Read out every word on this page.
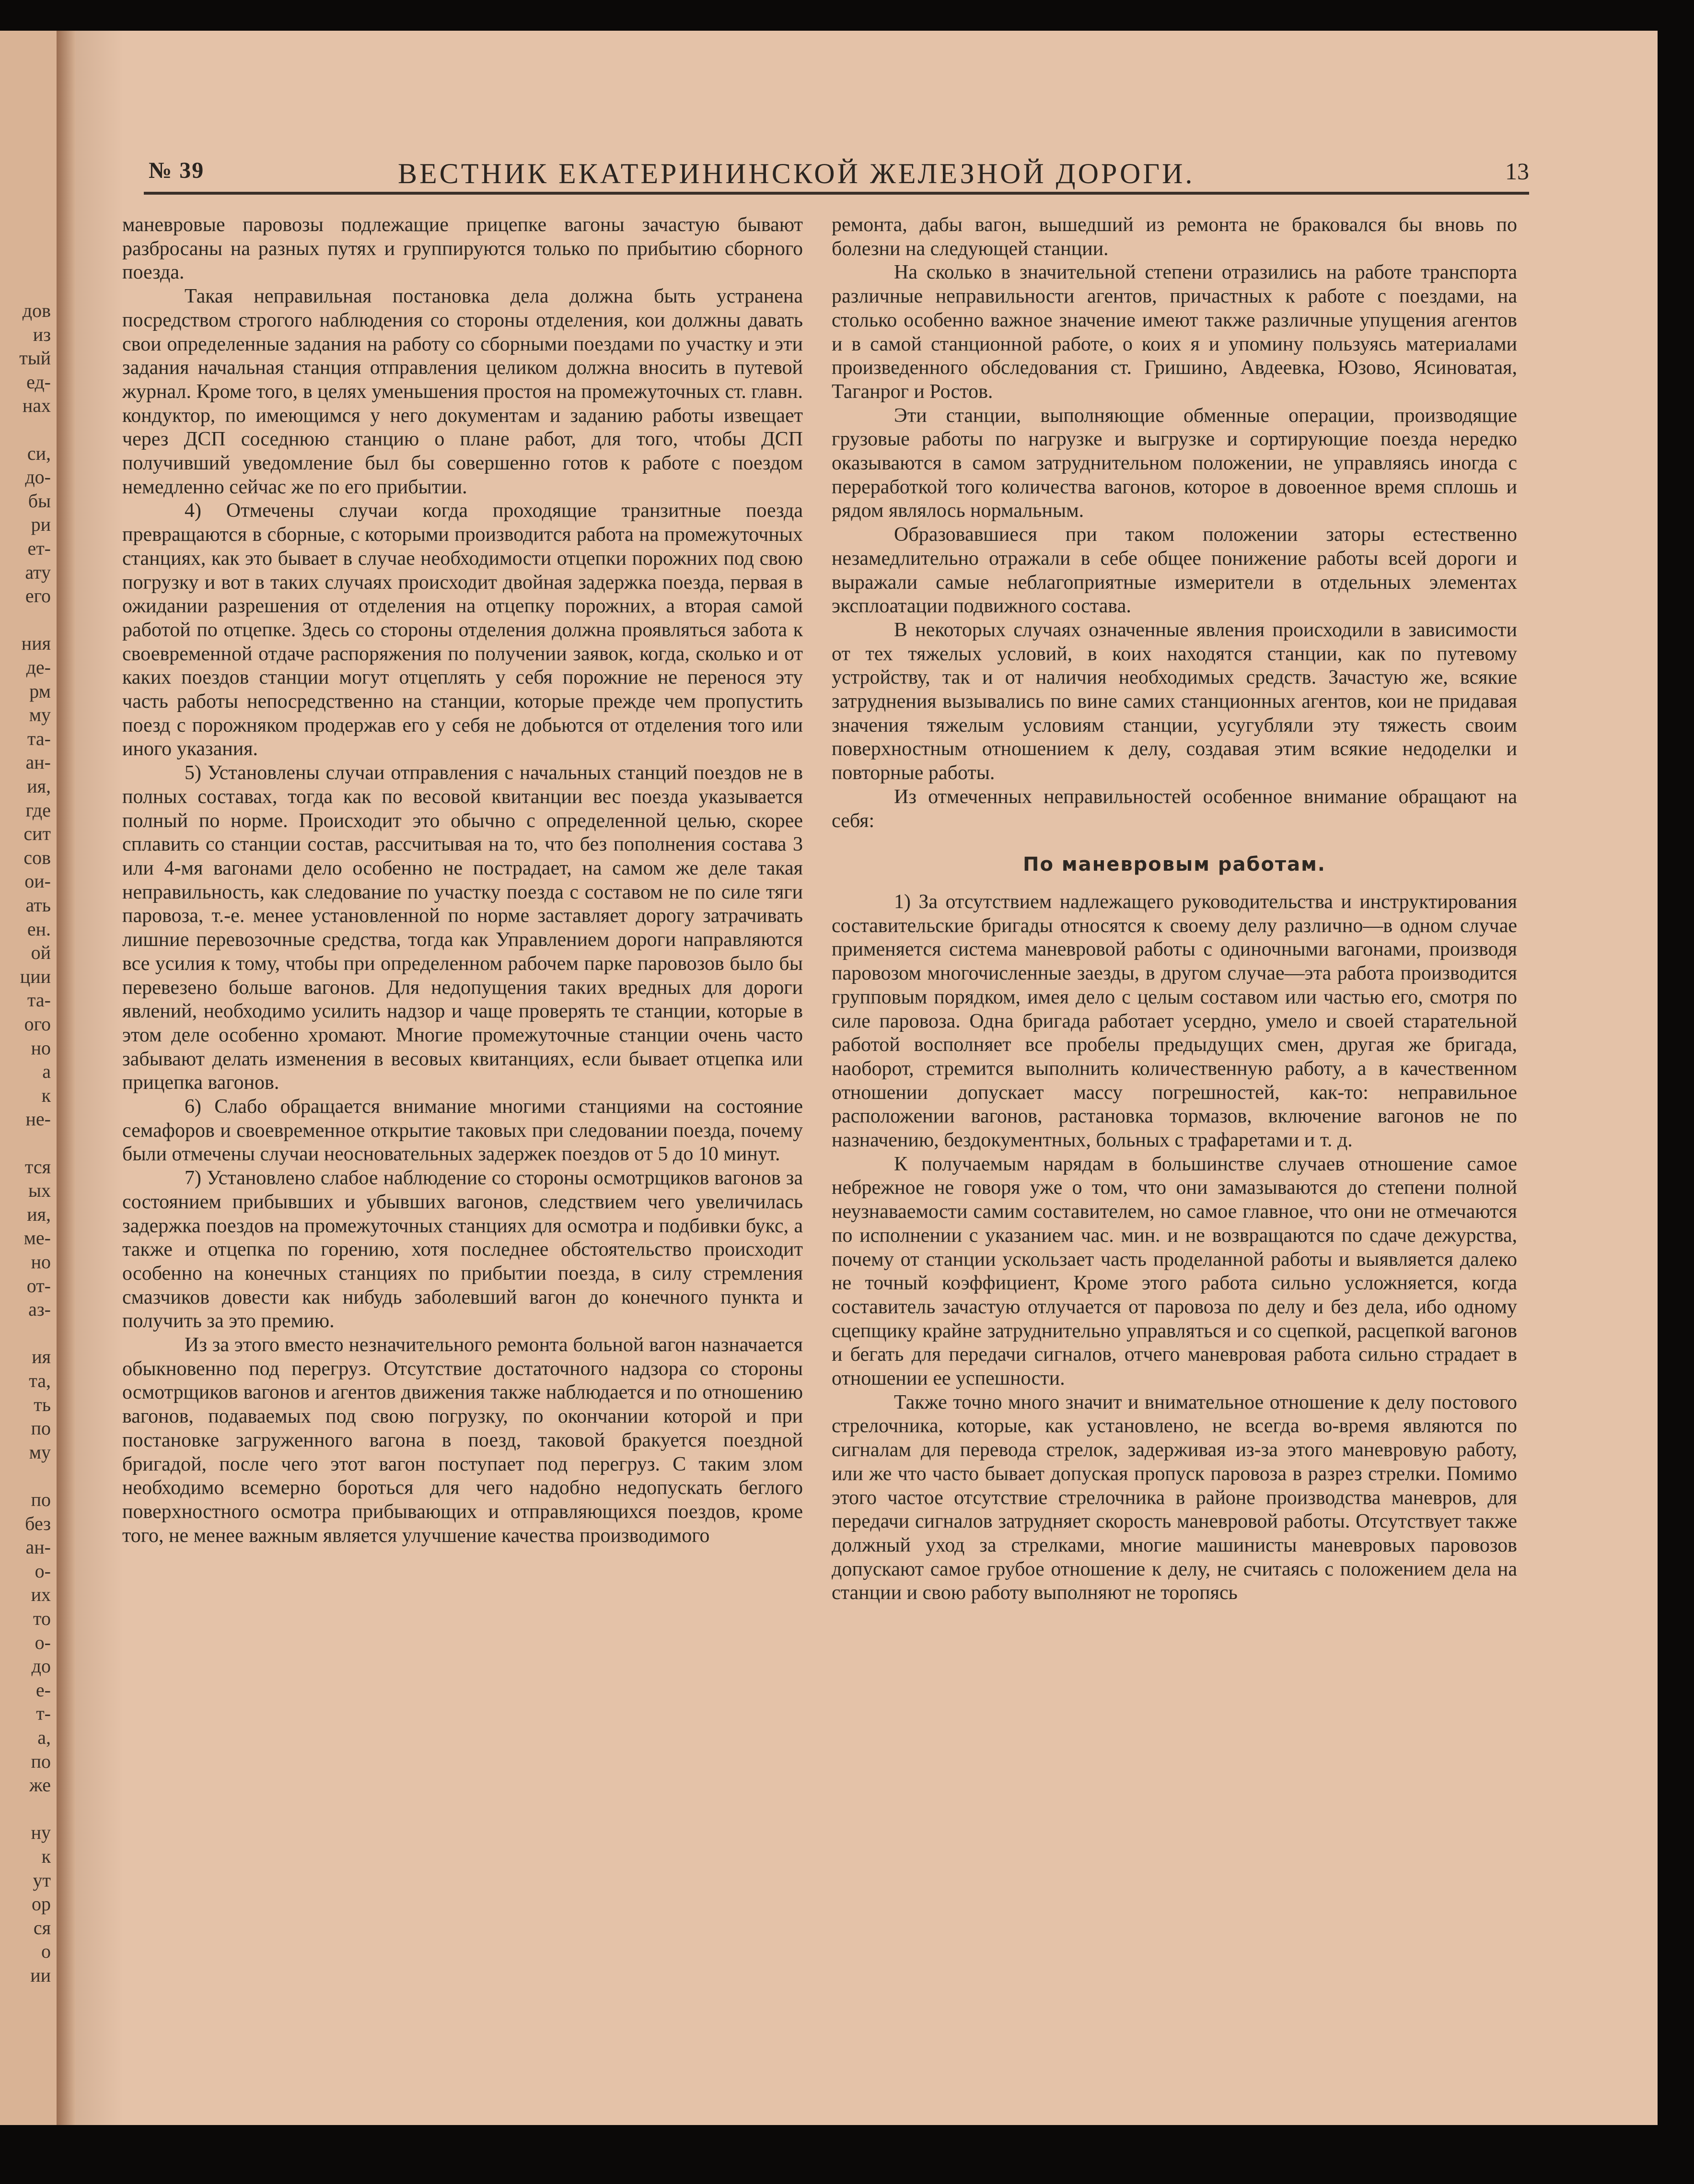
дов
из
тый
ед-
нах
си,
до-
бы
ри
ет-
ату
его
ния
де-
рм
му
та-
ан-
ия,
где
сит
сов
ои-
ать
ен.
ой
ции
та-
ого
но
а
к
не-
тся
ых
ия,
ме-
но
от-
аз-
ия
та,
ть
по
му
по
без
ан-
о-
их
то
о-
до
е-
т-
а,
по
же
ну
к
ут
ор
ся
о
ии
№ 39	ВЕСТНИК ЕКАТЕРИНИНСКОЙ ЖЕЛЕЗНОЙ ДОРОГИ.	13

маневровые паровозы подлежащие прицепке вагоны зачастую бывают разбросаны на разных путях и группируются только по прибытию сборного поезда.

Такая неправильная постановка дела должна быть устранена посредством строгого наблюдения со стороны отделения, кои должны давать свои определенные задания на работу со сборными поездами по участку и эти задания начальная станция отправления целиком должна вносить в путевой журнал. Кроме того, в целях уменьшения простоя на промежуточных ст. главн. кондуктор, по имеющимся у него документам и заданию работы извещает через ДСП соседнюю станцию о плане работ, для того, чтобы ДСП получивший уведомление был бы совершенно готов к работе с поездом немедленно сейчас же по его прибытии.

4) Отмечены случаи когда проходящие транзитные поезда превращаются в сборные, с которыми производится работа на промежуточных станциях, как это бывает в случае необходимости отцепки порожних под свою погрузку и вот в таких случаях происходит двойная задержка поезда, первая в ожидании разрешения от отделения на отцепку порожних, а вторая самой работой по отцепке. Здесь со стороны отделения должна проявляться забота к своевременной отдаче распоряжения по получении заявок, когда, сколько и от каких поездов станции могут отцеплять у себя порожние не перенося эту часть работы непосредственно на станции, которые прежде чем пропустить поезд с порожняком продержав его у себя не добьются от отделения того или иного указания.

5) Установлены случаи отправления с начальных станций поездов не в полных составах, тогда как по весовой квитанции вес поезда указывается полный по норме. Происходит это обычно с определенной целью, скорее сплавить со станции состав, рассчитывая на то, что без пополнения состава 3 или 4-мя вагонами дело особенно не пострадает, на самом же деле такая неправильность, как следование по участку поезда с составом не по силе тяги паровоза, т.-е. менее установленной по норме заставляет дорогу затрачивать лишние перевозочные средства, тогда как Управлением дороги направляются все усилия к тому, чтобы при определенном рабочем парке паровозов было бы перевезено больше вагонов. Для недопущения таких вредных для дороги явлений, необходимо усилить надзор и чаще проверять те станции, которые в этом деле особенно хромают. Многие промежуточные станции очень часто забывают делать изменения в весовых квитанциях, если бывает отцепка или прицепка вагонов.

6) Слабо обращается внимание многими станциями на состояние семафоров и своевременное открытие таковых при следовании поезда, почему были отмечены случаи неосновательных задержек поездов от 5 до 10 минут.

7) Установлено слабое наблюдение со стороны осмотрщиков вагонов за состоянием прибывших и убывших вагонов, следствием чего увеличилась задержка поездов на промежуточных станциях для осмотра и подбивки букс, а также и отцепка по горению, хотя последнее обстоятельство происходит особенно на конечных станциях по прибытии поезда, в силу стремления смазчиков довести как нибудь заболевший вагон до конечного пункта и получить за это премию.

Из за этого вместо незначительного ремонта больной вагон назначается обыкновенно под перегруз. Отсутствие достаточного надзора со стороны осмотрщиков вагонов и агентов движения также наблюдается и по отношению вагонов, подаваемых под свою погрузку, по окончании которой и при постановке загруженного вагона в поезд, таковой бракуется поездной бригадой, после чего этот вагон поступает под перегруз. С таким злом необходимо всемерно бороться для чего надобно недопускать беглого поверхностного осмотра прибывающих и отправляющихся поездов, кроме того, не менее важным является улучшение качества производимого

ремонта, дабы вагон, вышедший из ремонта не браковался бы вновь по болезни на следующей станции.

На сколько в значительной степени отразились на работе транспорта различные неправильности агентов, причастных к работе с поездами, на столько особенно важное значение имеют также различные упущения агентов и в самой станционной работе, о коих я и упомину пользуясь материалами произведенного обследования ст. Гришино, Авдеевка, Юзово, Ясиноватая, Таганрог и Ростов.

Эти станции, выполняющие обменные операции, производящие грузовые работы по нагрузке и выгрузке и сортирующие поезда нередко оказываются в самом затруднительном положении, не управляясь иногда с переработкой того количества вагонов, которое в довоенное время сплошь и рядом являлось нормальным.

Образовавшиеся при таком положении заторы естественно незамедлительно отражали в себе общее понижение работы всей дороги и выражали самые неблагоприятные измерители в отдельных элементах эксплоатации подвижного состава.

В некоторых случаях означенные явления происходили в зависимости от тех тяжелых условий, в коих находятся станции, как по путевому устройству, так и от наличия необходимых средств. Зачастую же, всякие затруднения вызывались по вине самих станционных агентов, кои не придавая значения тяжелым условиям станции, усугубляли эту тяжесть своим поверхностным отношением к делу, создавая этим всякие недоделки и повторные работы.

Из отмеченных неправильностей особенное внимание обращают на себя:

По маневровым работам.

1) За отсутствием надлежащего руководительства и инструктирования составительские бригады относятся к своему делу различно—в одном случае применяется система маневровой работы с одиночными вагонами, производя паровозом многочисленные заезды, в другом случае—эта работа производится групповым порядком, имея дело с целым составом или частью его, смотря по силе паровоза. Одна бригада работает усердно, умело и своей старательной работой восполняет все пробелы предыдущих смен, другая же бригада, наоборот, стремится выполнить количественную работу, а в качественном отношении допускает массу погрешностей, как-то: неправильное расположении вагонов, растановка тормазов, включение вагонов не по назначению, бездокументных, больных с трафаретами и т. д.

К получаемым нарядам в большинстве случаев отношение самое небрежное не говоря уже о том, что они замазываются до степени полной неузнаваемости самим составителем, но самое главное, что они не отмечаются по исполнении с указанием час. мин. и не возвращаются по сдаче дежурства, почему от станции ускользает часть проделанной работы и выявляется далеко не точный коэффициент, Кроме этого работа сильно усложняется, когда составитель зачастую отлучается от паровоза по делу и без дела, ибо одному сцепщику крайне затруднительно управляться и со сцепкой, расцепкой вагонов и бегать для передачи сигналов, отчего маневровая работа сильно страдает в отношении ее успешности.

Также точно много значит и внимательное отношение к делу постового стрелочника, которые, как установлено, не всегда во-время являются по сигналам для перевода стрелок, задерживая из-за этого маневровую работу, или же что часто бывает допуская пропуск паровоза в разрез стрелки. Помимо этого частое отсутствие стрелочника в районе производства маневров, для передачи сигналов затрудняет скорость маневровой работы. Отсутствует также должный уход за стрелками, многие машинисты маневровых паровозов допускают самое грубое отношение к делу, не считаясь с положением дела на станции и свою работу выполняют не торопясь
